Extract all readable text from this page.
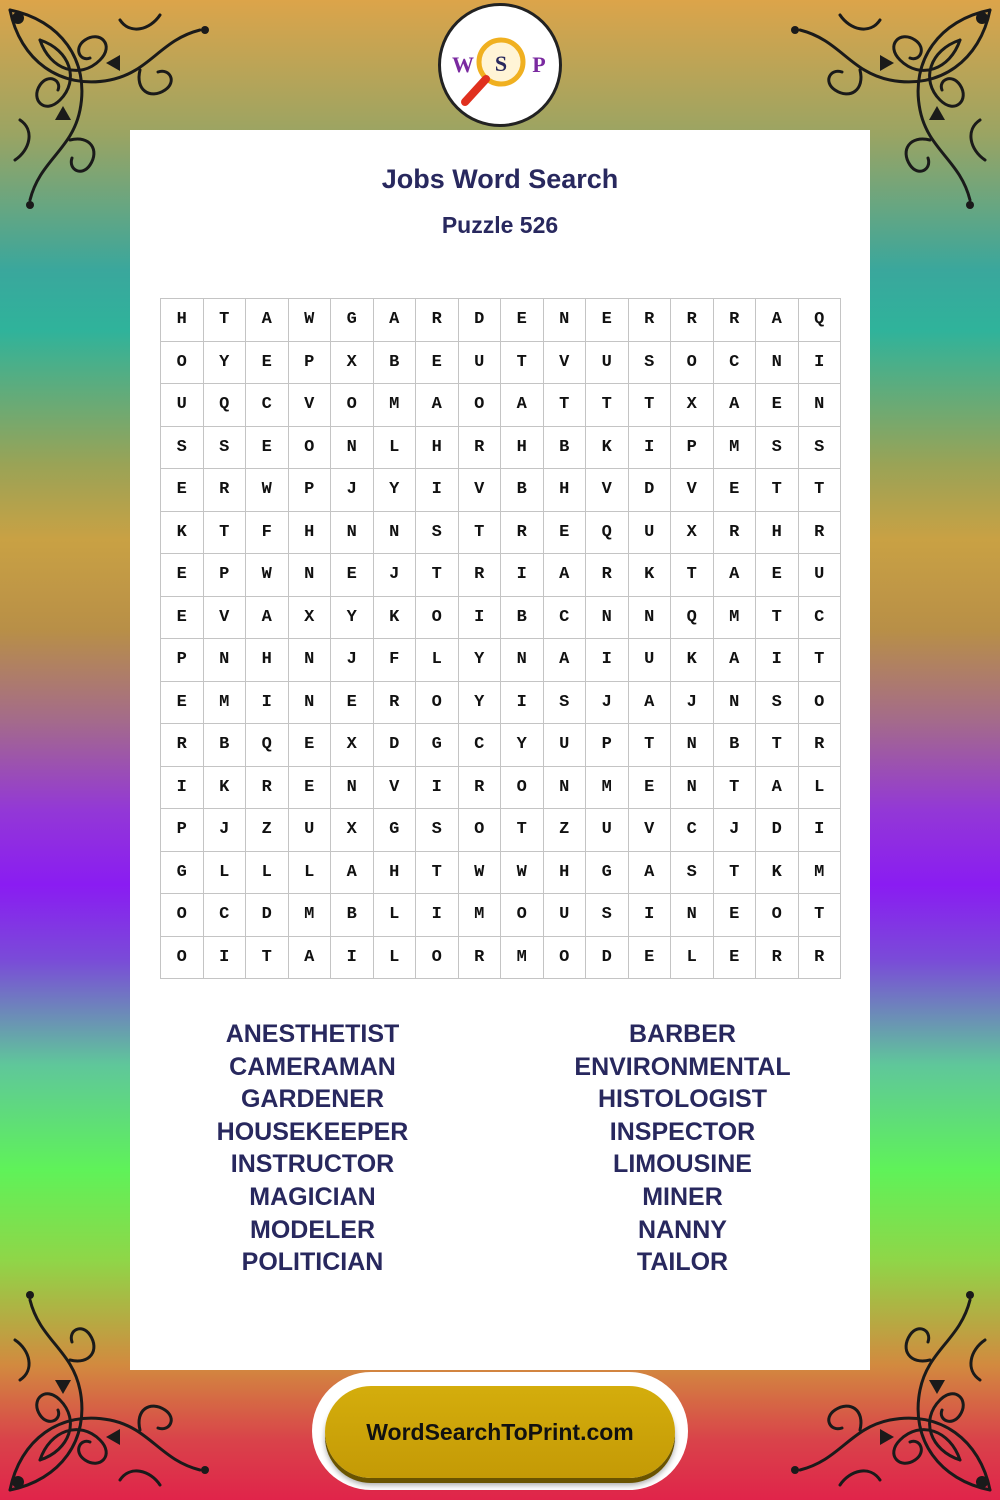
W S P
Jobs Word Search
Puzzle 526
H	T	A	W	G	A	R	D	E	N	E	R	R	R	A	Q
O	Y	E	P	X	B	E	U	T	V	U	S	O	C	N	I
U	Q	C	V	O	M	A	O	A	T	T	T	X	A	E	N
S	S	E	O	N	L	H	R	H	B	K	I	P	M	S	S
E	R	W	P	J	Y	I	V	B	H	V	D	V	E	T	T
K	T	F	H	N	N	S	T	R	E	Q	U	X	R	H	R
E	P	W	N	E	J	T	R	I	A	R	K	T	A	E	U
E	V	A	X	Y	K	O	I	B	C	N	N	Q	M	T	C
P	N	H	N	J	F	L	Y	N	A	I	U	K	A	I	T
E	M	I	N	E	R	O	Y	I	S	J	A	J	N	S	O
R	B	Q	E	X	D	G	C	Y	U	P	T	N	B	T	R
I	K	R	E	N	V	I	R	O	N	M	E	N	T	A	L
P	J	Z	U	X	G	S	O	T	Z	U	V	C	J	D	I
G	L	L	L	A	H	T	W	W	H	G	A	S	T	K	M
O	C	D	M	B	L	I	M	O	U	S	I	N	E	O	T
O	I	T	A	I	L	O	R	M	O	D	E	L	E	R	R
ANESTHETIST
CAMERAMAN
GARDENER
HOUSEKEEPER
INSTRUCTOR
MAGICIAN
MODELER
POLITICIAN
BARBER
ENVIRONMENTAL
HISTOLOGIST
INSPECTOR
LIMOUSINE
MINER
NANNY
TAILOR
WordSearchToPrint.com
